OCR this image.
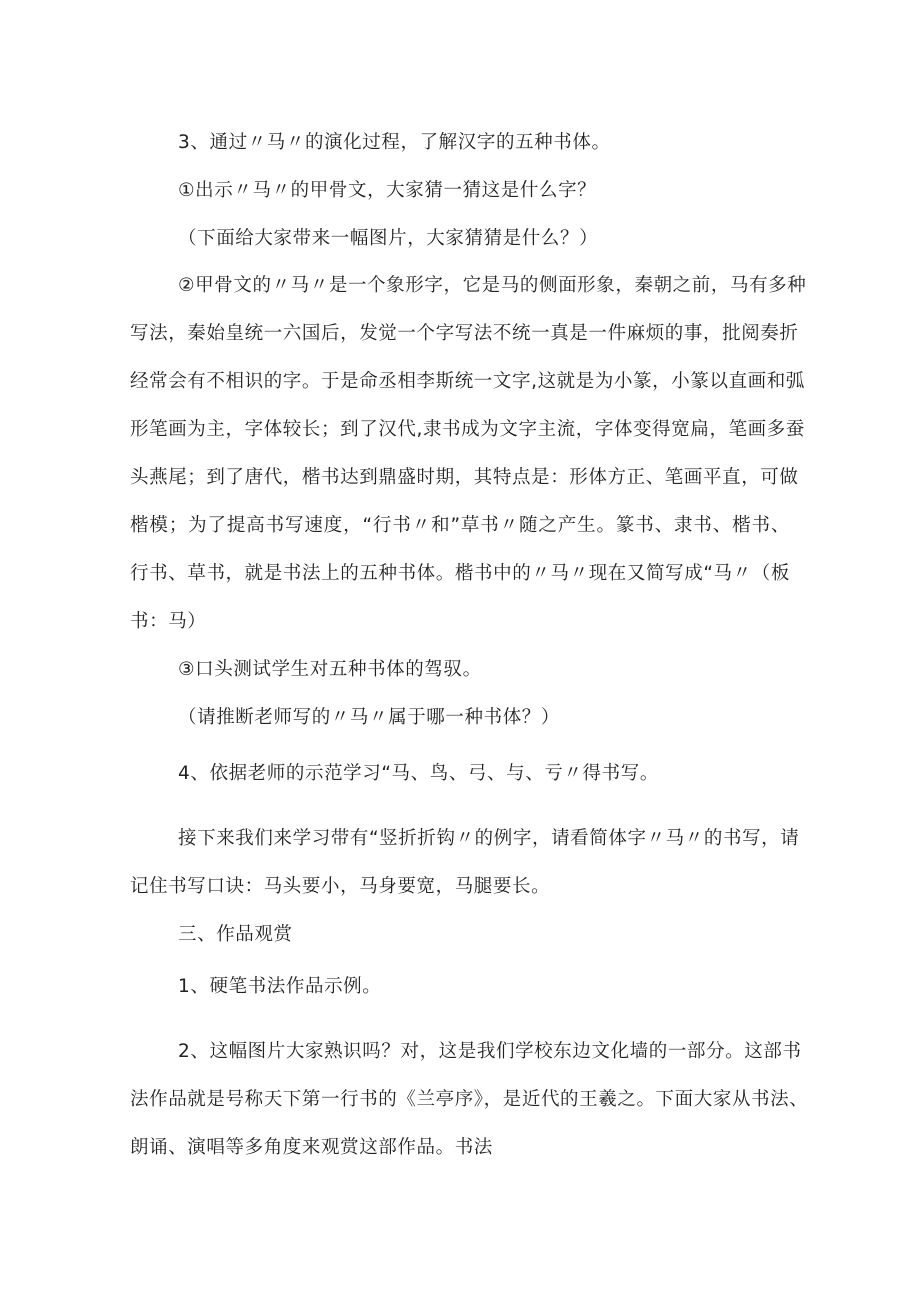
3、通过〃马〃的演化过程，了解汉字的五种书体。
①出示〃马〃的甲骨文，大家猜一猜这是什么字？
（下面给大家带来一幅图片，大家猜猜是什么？）
②甲骨文的〃马〃是一个象形字，它是马的侧面形象，秦朝之前，马有多种
写法，秦始皇统一六国后，发觉一个字写法不统一真是一件麻烦的事，批阅奏折
经常会有不相识的字。于是命丞相李斯统一文字,这就是为小篆，小篆以直画和弧
形笔画为主，字体较长；到了汉代,隶书成为文字主流，字体变得宽扁，笔画多蚕
头燕尾；到了唐代，楷书达到鼎盛时期，其特点是：形体方正、笔画平直，可做
楷模；为了提高书写速度，“行书〃和”草书〃随之产生。篆书、隶书、楷书、
行书、草书，就是书法上的五种书体。楷书中的〃马〃现在又简写成“马〃（板
书：马）
③口头测试学生对五种书体的驾驭。
（请推断老师写的〃马〃属于哪一种书体？）
4、依据老师的示范学习“马、鸟、弓、与、亏〃得书写。
接下来我们来学习带有“竖折折钩〃的例字，请看简体字〃马〃的书写，请
记住书写口诀：马头要小，马身要宽，马腿要长。
三、作品观赏
1、硬笔书法作品示例。
2、这幅图片大家熟识吗？对，这是我们学校东边文化墙的一部分。这部书
法作品就是号称天下第一行书的《兰亭序》，是近代的王羲之。下面大家从书法、
朗诵、演唱等多角度来观赏这部作品。书法
